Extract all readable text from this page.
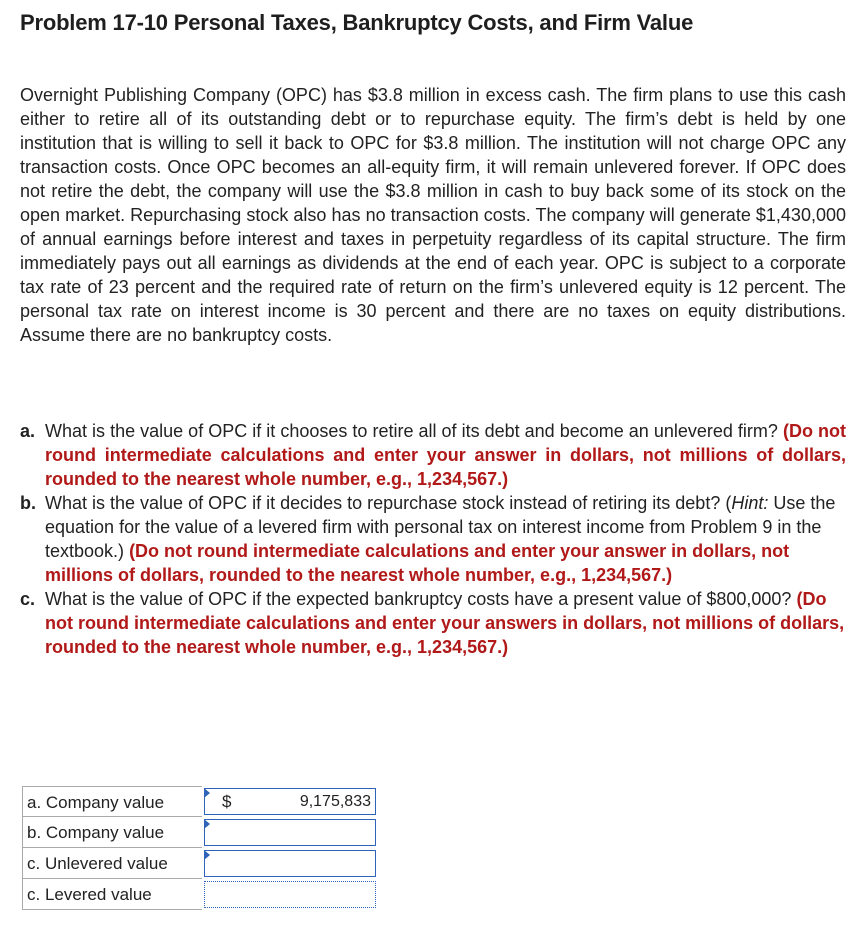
Problem 17-10 Personal Taxes, Bankruptcy Costs, and Firm Value
Overnight Publishing Company (OPC) has $3.8 million in excess cash. The firm plans to use this cash either to retire all of its outstanding debt or to repurchase equity. The firm’s debt is held by one institution that is willing to sell it back to OPC for $3.8 million. The institution will not charge OPC any transaction costs. Once OPC becomes an all-equity firm, it will remain unlevered forever. If OPC does not retire the debt, the company will use the $3.8 million in cash to buy back some of its stock on the open market. Repurchasing stock also has no transaction costs. The company will generate $1,430,000 of annual earnings before interest and taxes in perpetuity regardless of its capital structure. The firm immediately pays out all earnings as dividends at the end of each year. OPC is subject to a corporate tax rate of 23 percent and the required rate of return on the firm’s unlevered equity is 12 percent. The personal tax rate on interest income is 30 percent and there are no taxes on equity distributions. Assume there are no bankruptcy costs.
a. What is the value of OPC if it chooses to retire all of its debt and become an unlevered firm? (Do not round intermediate calculations and enter your answer in dollars, not millions of dollars, rounded to the nearest whole number, e.g., 1,234,567.)
b. What is the value of OPC if it decides to repurchase stock instead of retiring its debt? (Hint: Use the equation for the value of a levered firm with personal tax on interest income from Problem 9 in the textbook.) (Do not round intermediate calculations and enter your answer in dollars, not millions of dollars, rounded to the nearest whole number, e.g., 1,234,567.)
c. What is the value of OPC if the expected bankruptcy costs have a present value of $800,000? (Do not round intermediate calculations and enter your answers in dollars, not millions of dollars, rounded to the nearest whole number, e.g., 1,234,567.)
a. Company value	$
9,175,833
b. Company value
c. Unlevered value
c. Levered value
